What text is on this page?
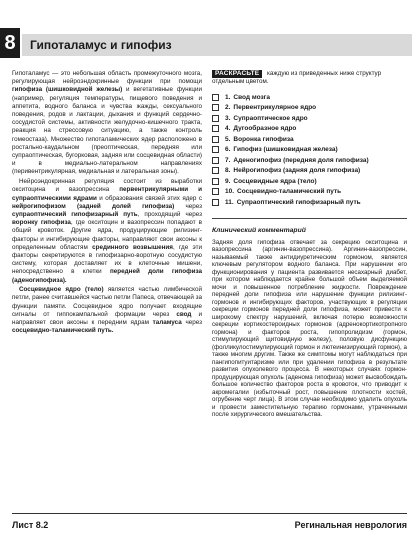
8	Гипоталамус и гипофиз

Гипоталамус — это небольшая область промежуточного мозга, регулирующая нейроэндокринные функции при помощи гипофиза (шишковидной железы) и вегетативные функции (например, регуляция температуры, пищевого поведения и аппетита, водного баланса и чувства жажды, сексуального поведения, родов и лактации, дыхания и функций сердечно-сосудистой системы, активности желудочно-кишечного тракта, реакция на стрессовую ситуацию, а также контроль гомеостаза). Множество гипоталамических ядер расположено в ростально-каудальном (преоптическая, передняя или супраоптическая, бугорковая, задняя или сосцевидная области) и в медиально-латеральном направлениях (перивентрикулярная, медиальная и латеральная зоны).

Нейроэндокринная регуляция состоит из выработки окситоцина и вазопрессина первентрикулярными и супраоптическими ядрами и образования связей этих ядер с нейрогипофизом (задней долей гипофиза) через супраоптический гипофизарный путь, проходящий через воронку гипофиза, где окситоцин и вазопрессин попадают в общий кровоток. Другие ядра, продуцирующие рилизинг-факторы и ингибирующие факторы, направляют свои аксоны к определенным областям срединного возвышения, где эти факторы секретируются в гипофизарно-воротную сосудистую систему, которая доставляет их в клеточные мишени, непосредственно в клетки передней доли гипофиза (аденогипофиза).

Сосцевидное ядро (тело) является частью лимбической петли, ранее считавшейся частью петли Папеса, отвечающей за функции памяти. Сосцевидное ядро получает входящие сигналы от гиппокампальной формации через свод и направляет свои аксоны к передним ядрам таламуса через сосцевидно-таламический путь.

РАСКРАСЬТЕ каждую из приведенных ниже структур отдельным цветом.
1. Свод мозга
2. Первентрикулярное ядро
3. Супраоптическое ядро
4. Дугообразное ядро
5. Воронка гипофиза
6. Гипофиз (шишковидная железа)
7. Аденогипофиз (передняя доля гипофиза)
8. Нейрогипофиз (задняя доля гипофиза)
9. Сосцевидные ядра (тело)
10. Сосцевидно-таламический путь
11. Супраоптический гипофизарный путь
Клинический комментарий

Задняя доля гипофиза отвечает за секрецию окситоцина и вазопрессина (аргинин-вазопрессина). Аргинин-вазопрессин, называемый также антидиуретическим гормоном, является ключевым регулятором водного баланса. При нарушении его функционирования у пациента развивается несахарный диабет, при котором наблюдается крайне большой объем выделяемой мочи и повышенное потребление жидкости. Повреждение передней доли гипофиза или нарушение функции рилизинг-гормонов и ингибирующих факторов, участвующих в регуляции секреции гормонов передней доли гипофиза, может привести к широкому спектру нарушений, включая потерю возможности секреции кортикостероидных гормонов (адренокортикотропного гормона) и факторов роста, гипопролидизм (гормон, стимулирующий щитовидную железу), половую дисфункцию (фолликулостимулирующий гормон и лютеинизирующий гормон), а также многим другим. Также же симптомы могут наблюдаться при пангипопитуитаризме или при удалении гипофиза в результате развития опухолевого процесса. В некоторых случаях гормон-продуцирующая опухоль (аденома гипофиза) может высвобождать большое количество факторов роста в кровоток, что приводит к акромегалии (избыточный рост, повышение плотности костей, огрубение черт лица). В этом случае необходимо удалить опухоль и провести заместительную терапию гормонами, утраченными после хирургического вмешательства.

Лист 8.2	Регинальная неврология
